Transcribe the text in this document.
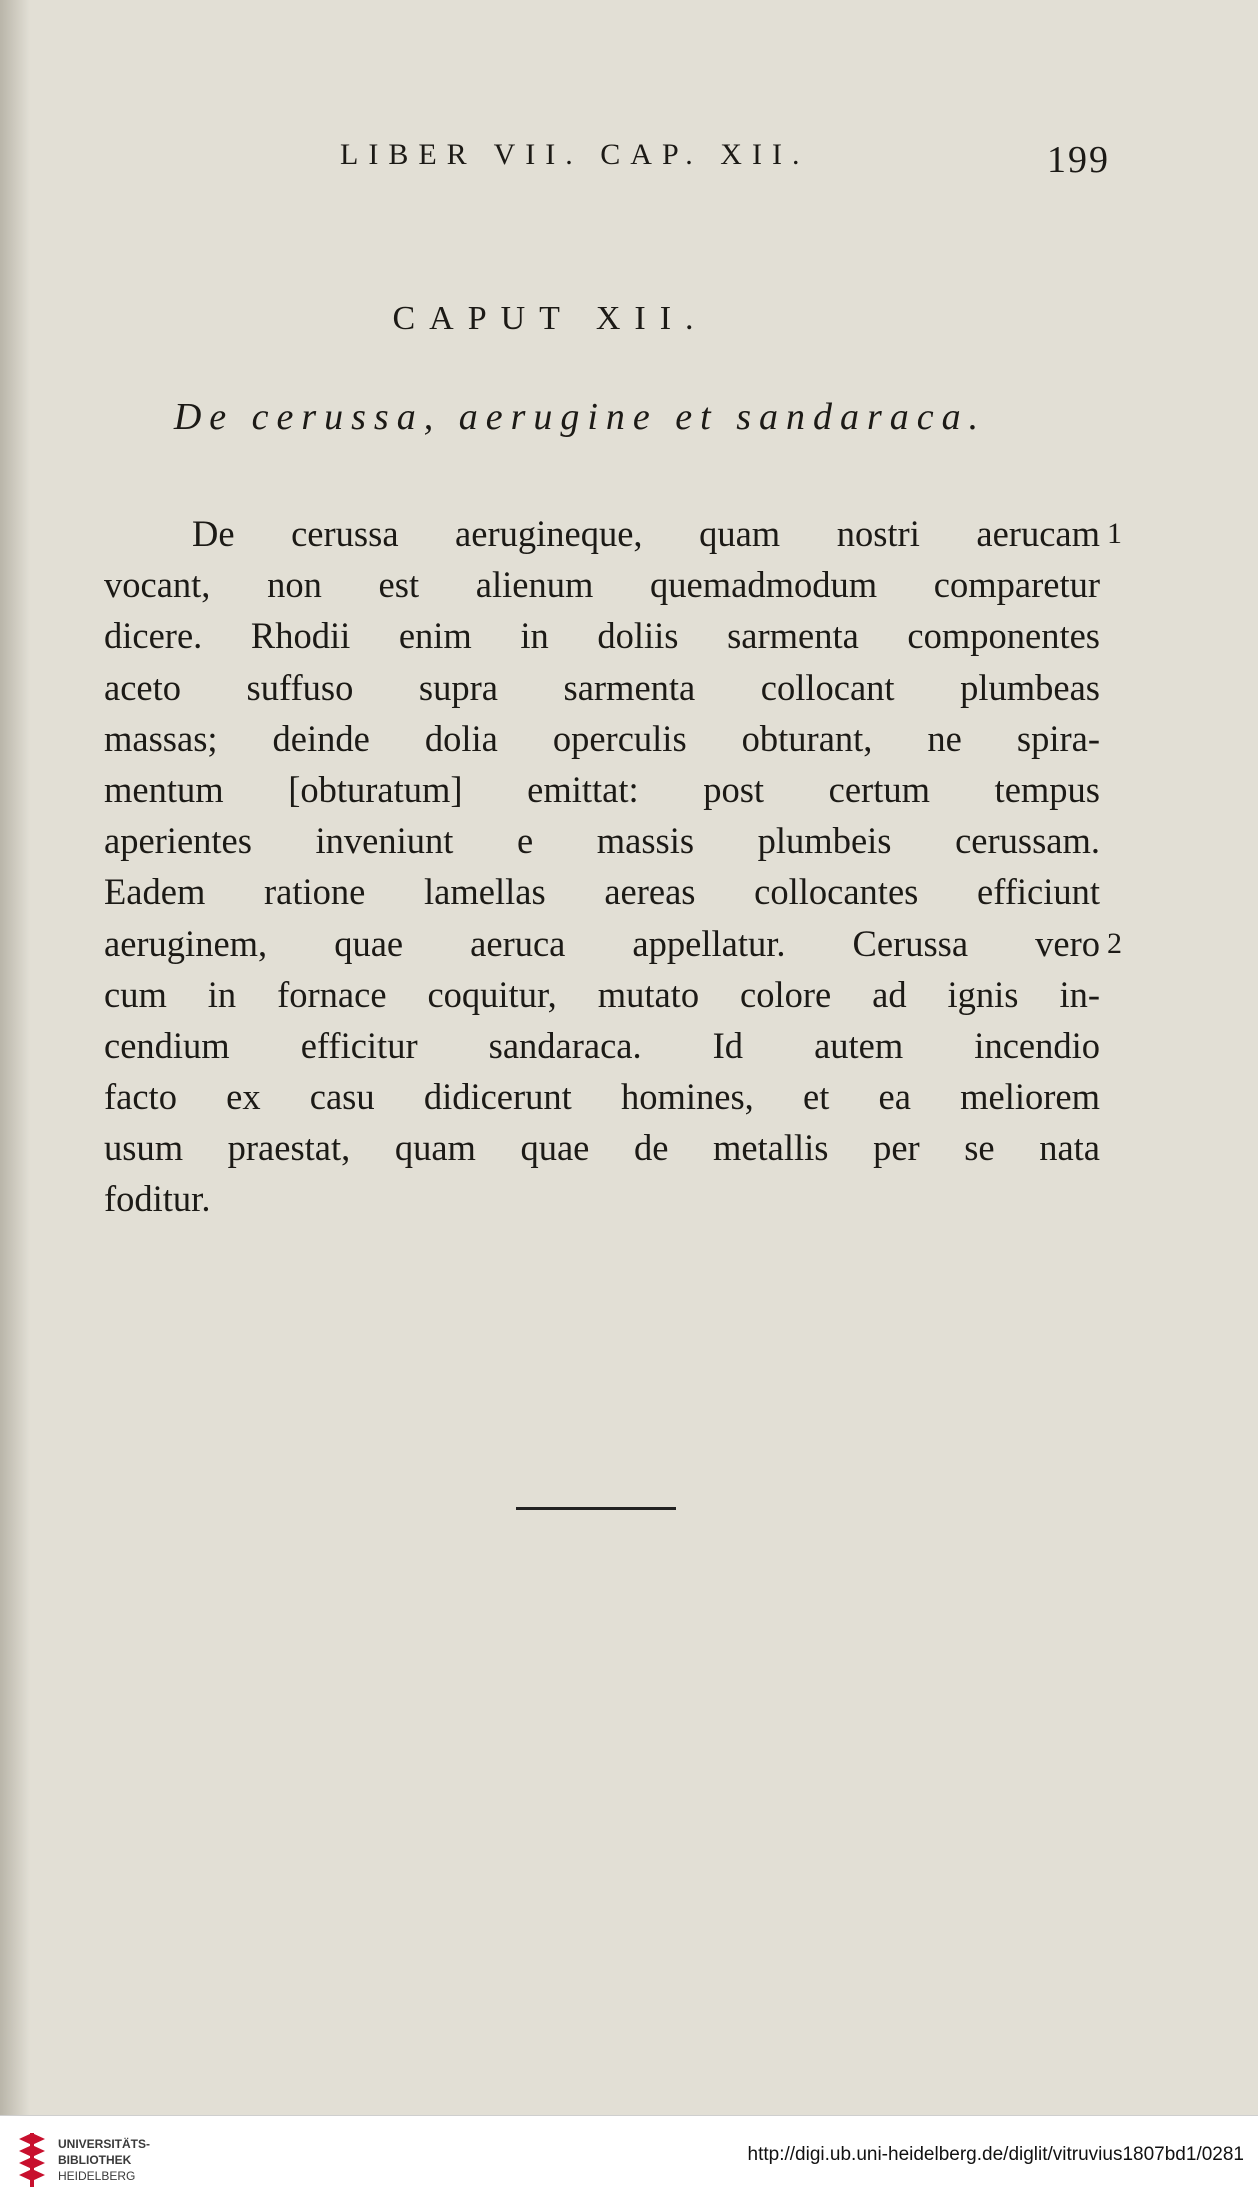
LIBER VII. CAP. XII.	199
CAPUT XII.
De cerussa, aerugine et sandaraca.
De cerussa aerugineque, quam nostri aerucam 1
vocant, non est alienum quemadmodum comparetur
dicere. Rhodii enim in doliis sarmenta componentes
aceto suffuso supra sarmenta collocant plumbeas
massas; deinde dolia operculis obturant, ne spira-
mentum [obturatum] emittat: post certum tempus
aperientes inveniunt e massis plumbeis cerussam.
Eadem ratione lamellas aereas collocantes efficiunt
aeruginem, quae aeruca appellatur. Cerussa vero 2
cum in fornace coquitur, mutato colore ad ignis in-
cendium efficitur sandaraca. Id autem incendio
facto ex casu didicerunt homines, et ea meliorem
usum praestat, quam quae de metallis per se nata
foditur.
UNIVERSITÄTS-
BIBLIOTHEK
HEIDELBERG
http://digi.ub.uni-heidelberg.de/diglit/vitruvius1807bd1/0281
